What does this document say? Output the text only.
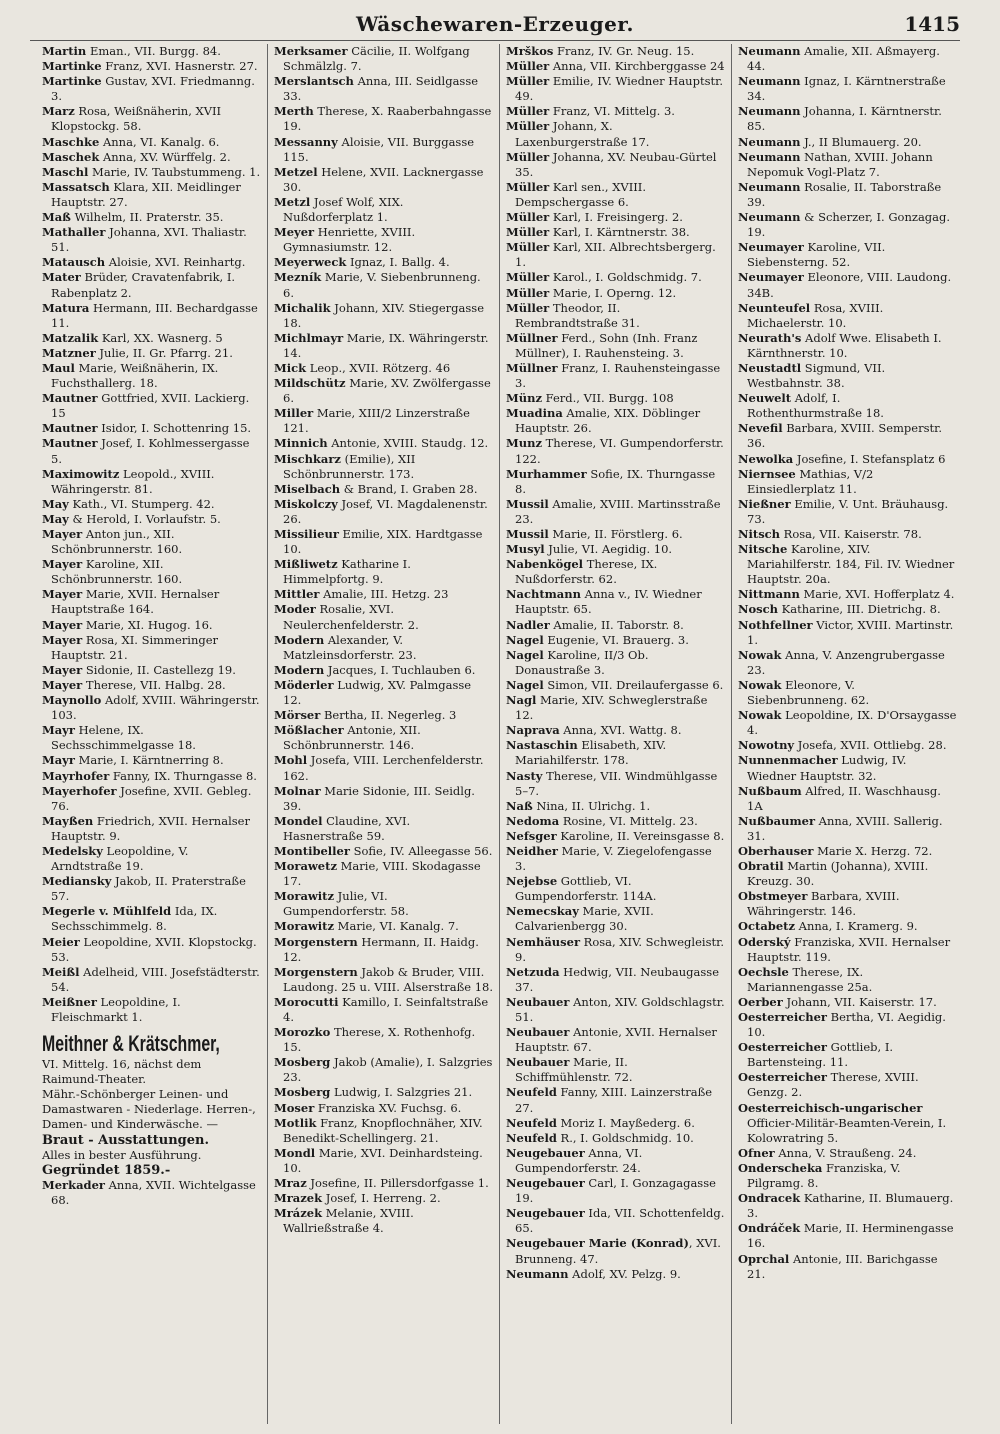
Wäschewaren-Erzeuger.	1415

Martin Eman., VII. Burgg. 84.

Martinke Franz, XVI. Hasnerstr. 27.

Martinke Gustav, XVI. Friedmanng. 3.

Marz Rosa, Weißnäherin, XVII Klopstockg. 58.

Maschke Anna, VI. Kanalg. 6.

Maschek Anna, XV. Würffelg. 2.

Maschl Marie, IV. Taubstummeng. 1.

Massatsch Klara, XII. Meidlinger Hauptstr. 27.

Maß Wilhelm, II. Praterstr. 35.

Mathaller Johanna, XVI. Thaliastr. 51.

Matausch Aloisie, XVI. Reinhartg.

Mater Brüder, Cravatenfabrik, I. Rabenplatz 2.

Matura Hermann, III. Bechardgasse 11.

Matzalik Karl, XX. Wasnerg. 5

Matzner Julie, II. Gr. Pfarrg. 21.

Maul Marie, Weißnäherin, IX. Fuchsthallerg. 18.

Mautner Gottfried, XVII. Lackierg. 15

Mautner Isidor, I. Schottenring 15.

Mautner Josef, I. Kohlmessergasse 5.

Maximowitz Leopold., XVIII. Währingerstr. 81.

May Kath., VI. Stumperg. 42.

May & Herold, I. Vorlaufstr. 5.

Mayer Anton jun., XII. Schönbrunnerstr. 160.

Mayer Karoline, XII. Schönbrunnerstr. 160.

Mayer Marie, XVII. Hernalser Hauptstraße 164.

Mayer Marie, XI. Hugog. 16.

Mayer Rosa, XI. Simmeringer Hauptstr. 21.

Mayer Sidonie, II. Castellezg 19.

Mayer Therese, VII. Halbg. 28.

Maynollo Adolf, XVIII. Währingerstr. 103.

Mayr Helene, IX. Sechsschimmelgasse 18.

Mayr Marie, I. Kärntnerring 8.

Mayrhofer Fanny, IX. Thurngasse 8.

Mayerhofer Josefine, XVII. Gebleg. 76.

Mayßen Friedrich, XVII. Hernalser Hauptstr. 9.

Medelsky Leopoldine, V. Arndtstraße 19.

Mediansky Jakob, II. Praterstraße 57.

Megerle v. Mühlfeld Ida, IX. Sechsschimmelg. 8.

Meier Leopoldine, XVII. Klopstockg. 53.

Meißl Adelheid, VIII. Josefstädterstr. 54.

Meißner Leopoldine, I. Fleischmarkt 1.

Meithner & Krätschmer,

VI. Mittelg. 16, nächst dem Raimund-Theater.

Mähr.-Schönberger Leinen- und Damastwaren - Niederlage. Herren-, Damen- und Kinderwäsche. —

Braut - Ausstattungen.

Alles in bester Ausführung.

Gegründet 1859.-

Merkader Anna, XVII. Wichtelgasse 68.

Merksamer Cäcilie, II. Wolfgang Schmälzlg. 7.

Merslantsch Anna, III. Seidlgasse 33.

Merth Therese, X. Raaberbahngasse 19.

Messanny Aloisie, VII. Burggasse 115.

Metzel Helene, XVII. Lacknergasse 30.

Metzl Josef Wolf, XIX. Nußdorferplatz 1.

Meyer Henriette, XVIII. Gymnasiumstr. 12.

Meyerweck Ignaz, I. Ballg. 4.

Mezník Marie, V. Siebenbrunneng. 6.

Michalik Johann, XIV. Stiegergasse 18.

Michlmayr Marie, IX. Währingerstr. 14.

Mick Leop., XVII. Rötzerg. 46

Mildschütz Marie, XV. Zwölfergasse 6.

Miller Marie, XIII/2 Linzerstraße 121.

Minnich Antonie, XVIII. Staudg. 12.

Mischkarz (Emilie), XII Schönbrunnerstr. 173.

Miselbach & Brand, I. Graben 28.

Miskolczy Josef, VI. Magdalenenstr. 26.

Missilieur Emilie, XIX. Hardtgasse 10.

Mißliwetz Katharine I. Himmelpfortg. 9.

Mittler Amalie, III. Hetzg. 23

Moder Rosalie, XVI. Neulerchenfelderstr. 2.

Modern Alexander, V. Matzleinsdorferstr. 23.

Modern Jacques, I. Tuchlauben 6.

Möderler Ludwig, XV. Palmgasse 12.

Mörser Bertha, II. Negerleg. 3

Mößlacher Antonie, XII. Schönbrunnerstr. 146.

Mohl Josefa, VIII. Lerchenfelderstr. 162.

Molnar Marie Sidonie, III. Seidlg. 39.

Mondel Claudine, XVI. Hasnerstraße 59.

Montibeller Sofie, IV. Alleegasse 56.

Morawetz Marie, VIII. Skodagasse 17.

Morawitz Julie, VI. Gumpendorferstr. 58.

Morawitz Marie, VI. Kanalg. 7.

Morgenstern Hermann, II. Haidg. 12.

Morgenstern Jakob & Bruder, VIII. Laudong. 25 u. VIII. Alserstraße 18.

Morocutti Kamillo, I. Seinfaltstraße 4.

Morozko Therese, X. Rothenhofg. 15.

Mosberg Jakob (Amalie), I. Salzgries 23.

Mosberg Ludwig, I. Salzgries 21.

Moser Franziska XV. Fuchsg. 6.

Motlik Franz, Knopflochnäher, XIV. Benedikt-Schellingerg. 21.

Mondl Marie, XVI. Deinhardsteing. 10.

Mraz Josefine, II. Pillersdorfgasse 1.

Mrazek Josef, I. Herreng. 2.

Mrázek Melanie, XVIII. Wallrießstraße 4.

Mrškos Franz, IV. Gr. Neug. 15.

Müller Anna, VII. Kirchberggasse 24

Müller Emilie, IV. Wiedner Hauptstr. 49.

Müller Franz, VI. Mittelg. 3.

Müller Johann, X. Laxenburgerstraße 17.

Müller Johanna, XV. Neubau-Gürtel 35.

Müller Karl sen., XVIII. Dempschergasse 6.

Müller Karl, I. Freisingerg. 2.

Müller Karl, I. Kärntnerstr. 38.

Müller Karl, XII. Albrechtsbergerg. 1.

Müller Karol., I. Goldschmidg. 7.

Müller Marie, I. Operng. 12.

Müller Theodor, II. Rembrandtstraße 31.

Müllner Ferd., Sohn (Inh. Franz Müllner), I. Rauhensteing. 3.

Müllner Franz, I. Rauhensteingasse 3.

Münz Ferd., VII. Burgg. 108

Muadina Amalie, XIX. Döblinger Hauptstr. 26.

Munz Therese, VI. Gumpendorferstr. 122.

Murhammer Sofie, IX. Thurngasse 8.

Mussil Amalie, XVIII. Martinsstraße 23.

Mussil Marie, II. Förstlerg. 6.

Musyl Julie, VI. Aegidig. 10.

Nabenkögel Therese, IX. Nußdorferstr. 62.

Nachtmann Anna v., IV. Wiedner Hauptstr. 65.

Nadler Amalie, II. Taborstr. 8.

Nagel Eugenie, VI. Brauerg. 3.

Nagel Karoline, II/3 Ob. Donaustraße 3.

Nagel Simon, VII. Dreilaufergasse 6.

Nagl Marie, XIV. Schweglerstraße 12.

Naprava Anna, XVI. Wattg. 8.

Nastaschin Elisabeth, XIV. Mariahilferstr. 178.

Nasty Therese, VII. Windmühlgasse 5–7.

Naß Nina, II. Ulrichg. 1.

Nedoma Rosine, VI. Mittelg. 23.

Nefsger Karoline, II. Vereinsgasse 8.

Neidher Marie, V. Ziegelofengasse 3.

Nejebse Gottlieb, VI. Gumpendorferstr. 114A.

Nemecskay Marie, XVII. Calvarienbergg 30.

Nemhäuser Rosa, XIV. Schwegleistr. 9.

Netzuda Hedwig, VII. Neubaugasse 37.

Neubauer Anton, XIV. Goldschlagstr. 51.

Neubauer Antonie, XVII. Hernalser Hauptstr. 67.

Neubauer Marie, II. Schiffmühlenstr. 72.

Neufeld Fanny, XIII. Lainzerstraße 27.

Neufeld Moriz I. Mayßederg. 6.

Neufeld R., I. Goldschmidg. 10.

Neugebauer Anna, VI. Gumpendorferstr. 24.

Neugebauer Carl, I. Gonzagagasse 19.

Neugebauer Ida, VII. Schottenfeldg. 65.

Neugebauer Marie (Konrad), XVI. Brunneng. 47.

Neumann Adolf, XV. Pelzg. 9.

Neumann Amalie, XII. Aßmayerg. 44.

Neumann Ignaz, I. Kärntnerstraße 34.

Neumann Johanna, I. Kärntnerstr. 85.

Neumann J., II Blumauerg. 20.

Neumann Nathan, XVIII. Johann Nepomuk Vogl-Platz 7.

Neumann Rosalie, II. Taborstraße 39.

Neumann & Scherzer, I. Gonzagag. 19.

Neumayer Karoline, VII. Siebensterng. 52.

Neumayer Eleonore, VIII. Laudong. 34B.

Neunteufel Rosa, XVIII. Michaelerstr. 10.

Neurath's Adolf Wwe. Elisabeth I. Kärnthnerstr. 10.

Neustadtl Sigmund, VII. Westbahnstr. 38.

Neuwelt Adolf, I. Rothenthurmstraße 18.

Nevefil Barbara, XVIII. Semperstr. 36.

Newolka Josefine, I. Stefansplatz 6

Niernsee Mathias, V/2 Einsiedlerplatz 11.

Nießner Emilie, V. Unt. Bräuhausg. 73.

Nitsch Rosa, VII. Kaiserstr. 78.

Nitsche Karoline, XIV. Mariahilferstr. 184, Fil. IV. Wiedner Hauptstr. 20a.

Nittmann Marie, XVI. Hofferplatz 4.

Nosch Katharine, III. Dietrichg. 8.

Nothfellner Victor, XVIII. Martinstr. 1.

Nowak Anna, V. Anzengrubergasse 23.

Nowak Eleonore, V. Siebenbrunneng. 62.

Nowak Leopoldine, IX. D'Orsaygasse 4.

Nowotny Josefa, XVII. Ottliebg. 28.

Nunnenmacher Ludwig, IV. Wiedner Hauptstr. 32.

Nußbaum Alfred, II. Waschhausg. 1A

Nußbaumer Anna, XVIII. Sallerig. 31.

Oberhauser Marie X. Herzg. 72.

Obratil Martin (Johanna), XVIII. Kreuzg. 30.

Obstmeyer Barbara, XVIII. Währingerstr. 146.

Octabetz Anna, I. Kramerg. 9.

Oderský Franziska, XVII. Hernalser Hauptstr. 119.

Oechsle Therese, IX. Mariannengasse 25a.

Oerber Johann, VII. Kaiserstr. 17.

Oesterreicher Bertha, VI. Aegidig. 10.

Oesterreicher Gottlieb, I. Bartensteing. 11.

Oesterreicher Therese, XVIII. Genzg. 2.

Oesterreichisch-ungarischer Officier-Militär-Beamten-Verein, I. Kolowratring 5.

Ofner Anna, V. Straußeng. 24.

Onderscheka Franziska, V. Pilgramg. 8.

Ondracek Katharine, II. Blumauerg. 3.

Ondráček Marie, II. Herminengasse 16.

Oprchal Antonie, III. Barichgasse 21.
